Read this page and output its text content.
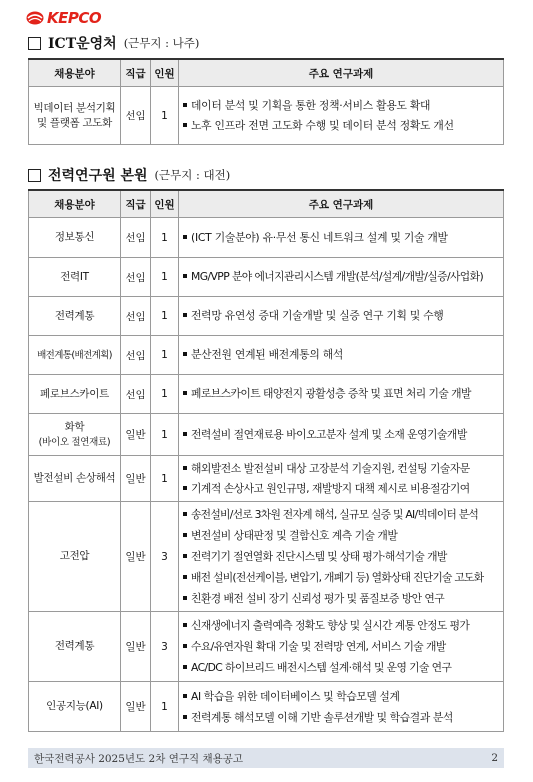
KEPCO
ICT운영처 (근무지 : 나주)
채용분야	직급	인원	주요 연구과제
빅데이터 분석기획 및 플랫폼 고도화	선임	1	데이터 분석 및 기획을 통한 정책·서비스 활용도 확대
노후 인프라 전면 고도화 수행 및 데이터 분석 정확도 개선
전력연구원 본원 (근무지 : 대전)
채용분야	직급	인원	주요 연구과제
정보통신	선임	1	(ICT 기술분야) 유·무선 통신 네트워크 설계 및 기술 개발

전력IT	선임	1	MG/VPP 분야 에너지관리시스템 개발(분석/설계/개발/실증/사업화)

전력계통	선임	1	전력망 유연성 증대 기술개발 및 실증 연구 기획 및 수행

배전계통(배전계획)	선임	1	분산전원 연계된 배전계통의 해석

페로브스카이트	선임	1	페로브스카이트 태양전지 광활성층 증착 및 표면 처리 기술 개발

화학
(바이오 절연재료)	일반	1	전력설비 절연재료용 바이오고분자 설계 및 소재 운영기술개발

발전설비 손상해석	일반	1	해외발전소 발전설비 대상 고장분석 기술지원, 컨설팅 기술자문
기계적 손상사고 원인규명, 재발방지 대책 제시로 비용절감기여

고전압	일반	3	송전설비/선로 3차원 전자계 해석, 실규모 실증 및 AI/빅데이터 분석
변전설비 상태판정 및 결함신호 계측 기술 개발
전력기기 절연열화 진단시스템 및 상태 평가·해석기술 개발
배전 설비(전선케이블, 변압기, 개폐기 등) 열화상태 진단기술 고도화
친환경 배전 설비 장기 신뢰성 평가 및 품질보증 방안 연구

전력계통	일반	3	신재생에너지 출력예측 정확도 향상 및 실시간 계통 안정도 평가
수요/유연자원 확대 기술 및 전력망 연계, 서비스 기술 개발
AC/DC 하이브리드 배전시스템 설계·해석 및 운영 기술 연구

인공지능(AI)	일반	1	AI 학습을 위한 데이터베이스 및 학습모델 설계
전력계통 해석모델 이해 기반 솔루션개발 및 학습결과 분석
한국전력공사 2025년도 2차 연구직 채용공고	2
